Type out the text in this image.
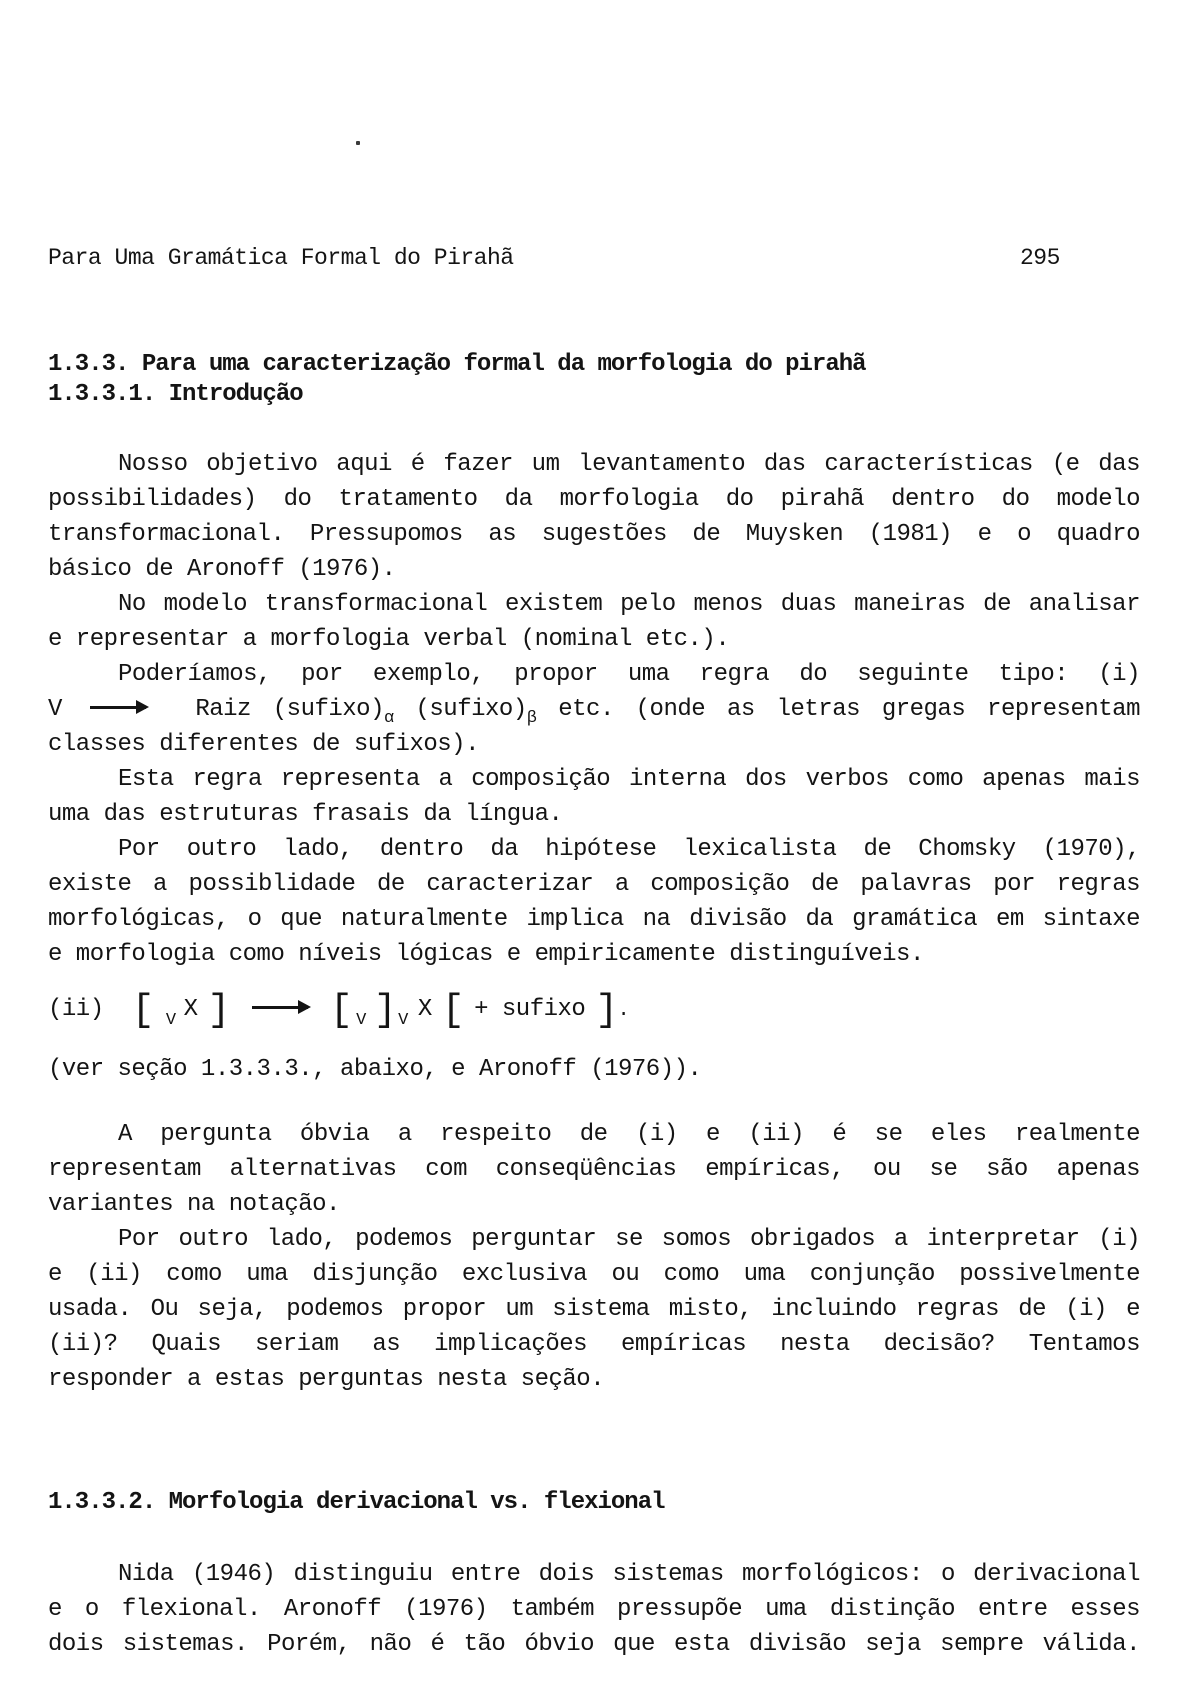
Para Uma Gramática Formal do Pirahã	295
1.3.3. Para uma caracterização formal da morfologia do pirahã
1.3.3.1. Introdução
Nosso objetivo aqui é fazer um levantamento das características (e das
possibilidades) do tratamento da morfologia do pirahã dentro do modelo
transformacional. Pressupomos as sugestões de Muysken (1981) e o quadro
básico de Aronoff (1976).
No modelo transformacional existem pelo menos duas maneiras de analisar
e representar a morfologia verbal (nominal etc.).
Poderíamos, por exemplo, propor uma regra do seguinte tipo: (i)
V	Raiz $(sufixo)_\alpha$ $(sufixo)_\beta$ etc. (onde as letras gregas representam
classes diferentes de sufixos).
Esta regra representa a composição interna dos verbos como apenas mais
uma das estruturas frasais da língua.
Por outro lado, dentro da hipótese lexicalista de Chomsky (1970),
existe a possiblidade de caracterizar a composição de palavras por regras
morfológicas, o que naturalmente implica na divisão da gramática em sintaxe
e morfologia como níveis lógicas e empiricamente distinguíveis.
(ii) [ $_V$ X ]	[ $_V$ ] $_V$ X [ + sufixo ].
(ver seção 1.3.3.3., abaixo, e Aronoff (1976)).
A pergunta óbvia a respeito de (i) e (ii) é se eles realmente
representam alternativas com conseqüências empíricas, ou se são apenas
variantes na notação.
Por outro lado, podemos perguntar se somos obrigados a interpretar (i)
e (ii) como uma disjunção exclusiva ou como uma conjunção possivelmente
usada. Ou seja, podemos propor um sistema misto, incluindo regras de (i) e
(ii)? Quais seriam as implicações empíricas nesta decisão? Tentamos
responder a estas perguntas nesta seção.
1.3.3.2. Morfologia derivacional vs. flexional
Nida (1946) distinguiu entre dois sistemas morfológicos: o derivacional
e o flexional. Aronoff (1976) também pressupõe uma distinção entre esses
dois sistemas. Porém, não é tão óbvio que esta divisão seja sempre válida.
